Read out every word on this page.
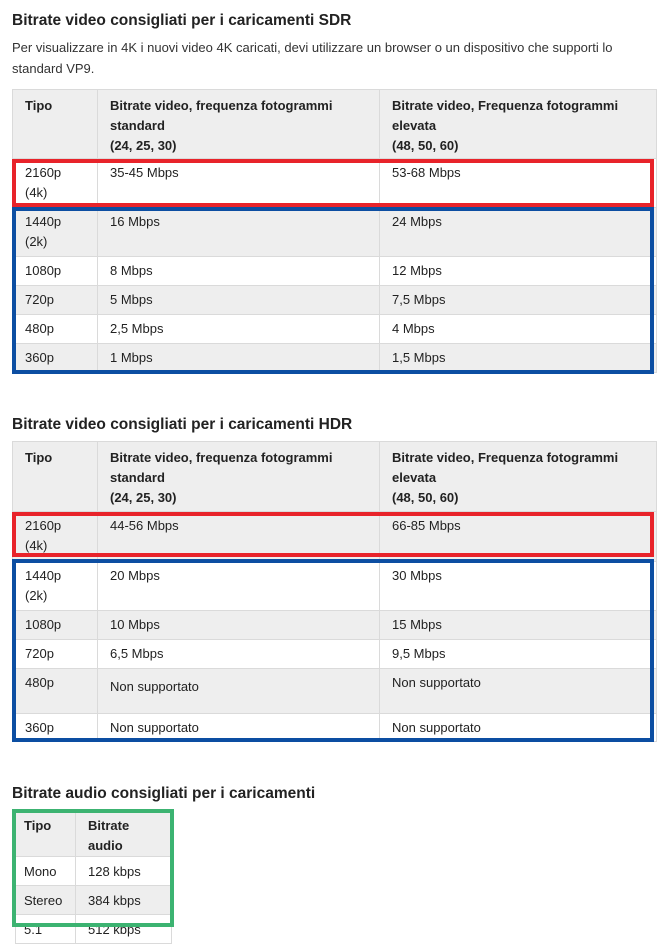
Bitrate video consigliati per i caricamenti SDR
Per visualizzare in 4K i nuovi video 4K caricati, devi utilizzare un browser o un dispositivo che supporti lo standard VP9.
Tipo	Bitrate video, frequenza fotogrammi
standard
(24, 25, 30)	Bitrate video, Frequenza fotogrammi
elevata
(48, 50, 60)
2160p
(4k)	35-45 Mbps	53-68 Mbps
1440p
(2k)	16 Mbps	24 Mbps
1080p	8 Mbps	12 Mbps
720p	5 Mbps	7,5 Mbps
480p	2,5 Mbps	4 Mbps
360p	1 Mbps	1,5 Mbps
Bitrate video consigliati per i caricamenti HDR
Tipo	Bitrate video, frequenza fotogrammi
standard
(24, 25, 30)	Bitrate video, Frequenza fotogrammi
elevata
(48, 50, 60)
2160p
(4k)	44-56 Mbps	66-85 Mbps
1440p
(2k)	20 Mbps	30 Mbps
1080p	10 Mbps	15 Mbps
720p	6,5 Mbps	9,5 Mbps
480p	Non supportato	Non supportato
360p	Non supportato	Non supportato
Bitrate audio consigliati per i caricamenti
Tipo	Bitrate audio
Mono	128 kbps
Stereo	384 kbps
5.1	512 kbps
